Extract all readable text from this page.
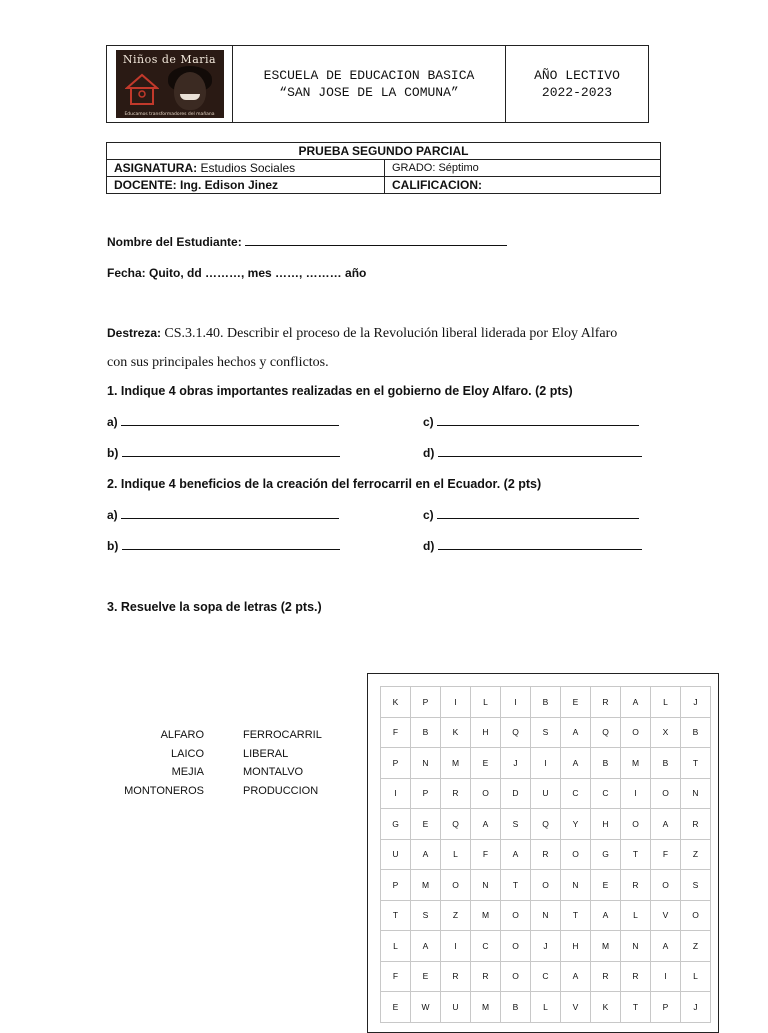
Niños de Maria
Educamos transformadores del mañana
ESCUELA DE EDUCACION BASICA
“SAN JOSE DE LA COMUNA”
AÑO LECTIVO
2022-2023
PRUEBA SEGUNDO PARCIAL	
ASIGNATURA: Estudios Sociales	GRADO: Séptimo
DOCENTE: Ing. Edison Jinez	CALIFICACION:
Nombre del Estudiante:
Fecha: Quito, dd ………, mes ……, ……… año
Destreza: CS.3.1.40. Describir el proceso de la Revolución liberal liderada por Eloy Alfaro
con sus principales hechos y conflictos.
1. Indique 4 obras importantes realizadas en el gobierno de Eloy Alfaro. (2 pts)
a)	c)
b)	d)
2. Indique 4 beneficios de la creación del ferrocarril en el Ecuador. (2 pts)
a)	c)
b)	d)
3. Resuelve la sopa de letras (2 pts.)
ALFARO
LAICO
MEJIA
MONTONEROS
FERROCARRIL
LIBERAL
MONTALVO
PRODUCCION
K	P	I	L	I	B	E	R	A	L	J
F	B	K	H	Q	S	A	Q	O	X	B
P	N	M	E	J	I	A	B	M	B	T
I	P	R	O	D	U	C	C	I	O	N
G	E	Q	A	S	Q	Y	H	O	A	R
U	A	L	F	A	R	O	G	T	F	Z
P	M	O	N	T	O	N	E	R	O	S
T	S	Z	M	O	N	T	A	L	V	O
L	A	I	C	O	J	H	M	N	A	Z
F	E	R	R	O	C	A	R	R	I	L
E	W	U	M	B	L	V	K	T	P	J
